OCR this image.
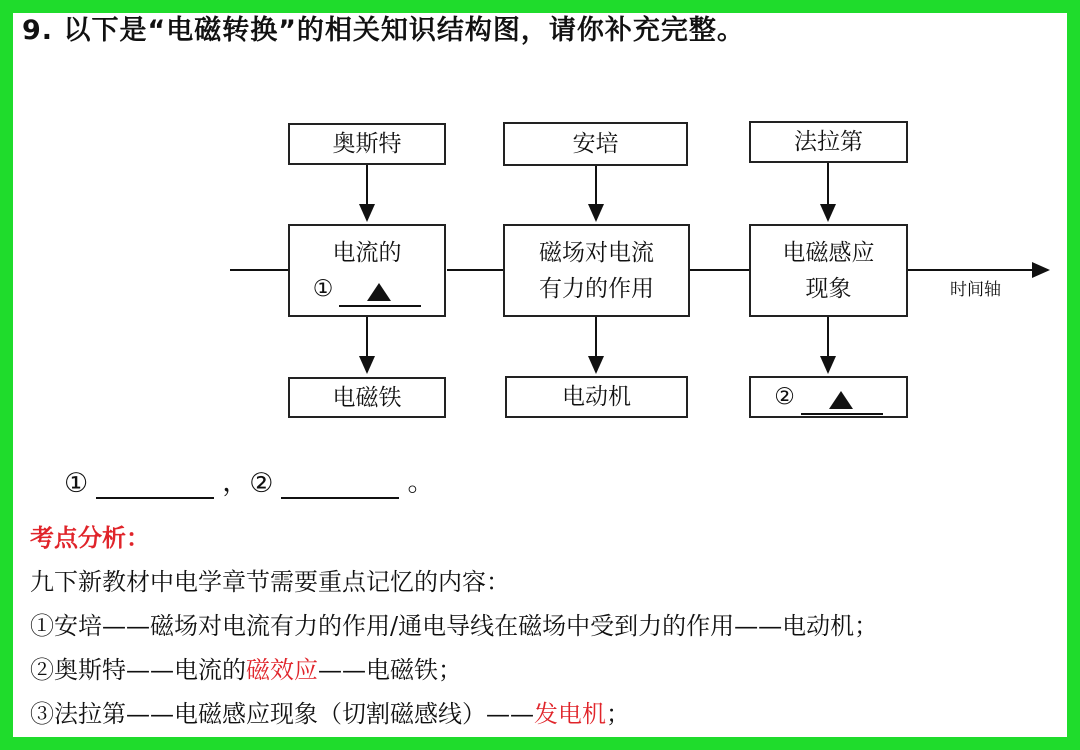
9. 以下是“电磁转换”的相关知识结构图，请你补充完整。
奥斯特	安培	法拉第
电流的
①
磁场对电流
有力的作用
电磁感应
现象	时间轴
电磁铁	电动机	②
①	， ②	。
考点分析：
九下新教材中电学章节需要重点记忆的内容：
①安培——磁场对电流有力的作用/通电导线在磁场中受到力的作用——电动机；
②奥斯特——电流的磁效应——电磁铁；
③法拉第——电磁感应现象（切割磁感线）——发电机；
